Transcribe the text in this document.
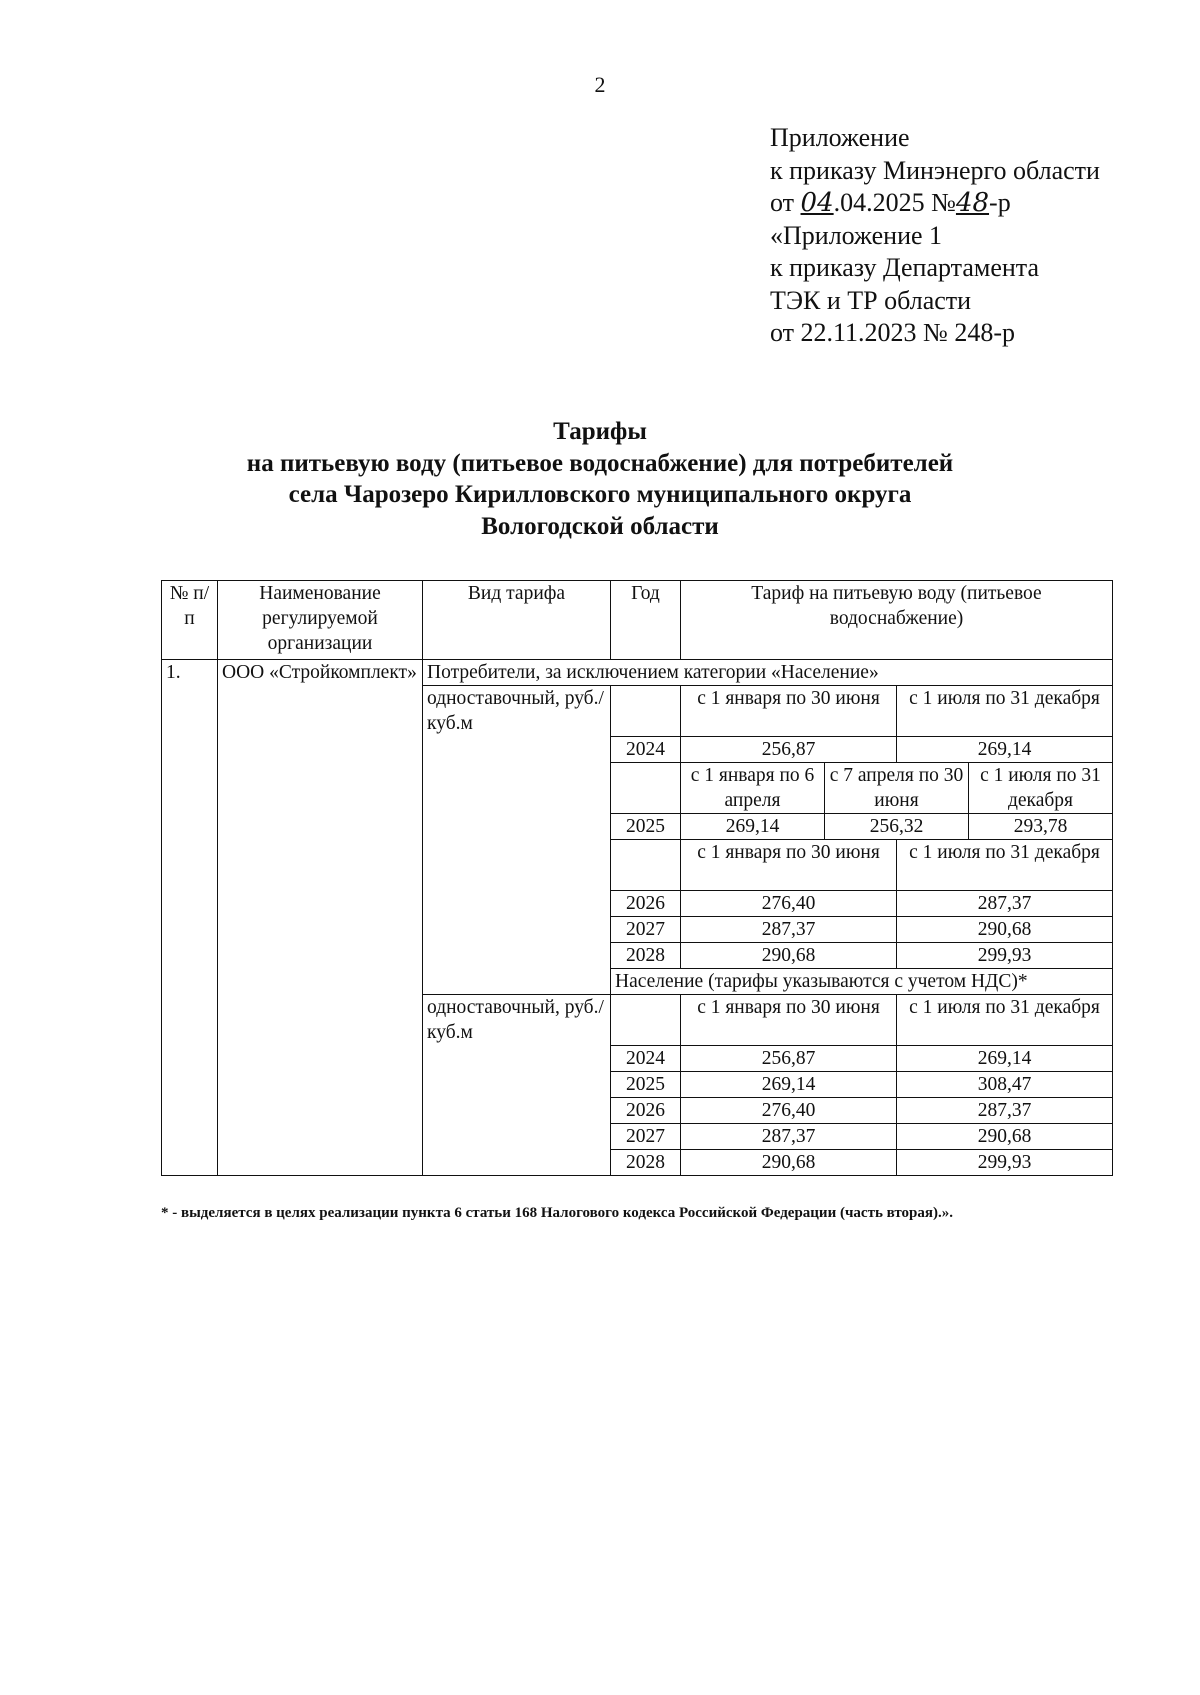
2
Приложение
к приказу Минэнерго области
от 04.04.2025 №48-р
«Приложение 1
к приказу Департамента
ТЭК и ТР области
от 22.11.2023 № 248-р
Тарифы
на питьевую воду (питьевое водоснабжение) для потребителей
села Чарозеро Кирилловского муниципального округа
Вологодской области
№ п/п	Наименование регулируемой организации	Вид тарифа	Год	Тариф на питьевую воду (питьевое водоснабжение)			
1.	ООО «Стройкомплект»	Потребители, за исключением категории «Население»					
		одноставочный, руб./куб.м		с 1 января по 30 июня		с 1 июля по 31 декабря	
			2024	256,87		269,14	
				с 1 января по 6 апреля	с 7 апреля по 30 июня		с 1 июля по 31 декабря
			2025	269,14	256,32		293,78
				с 1 января по 30 июня		с 1 июля по 31 декабря	
			2026	276,40		287,37	
			2027	287,37		290,68	
			2028	290,68		299,93	
			Население (тарифы указываются с учетом НДС)*				
		одноставочный, руб./куб.м		с 1 января по 30 июня		с 1 июля по 31 декабря	
			2024	256,87		269,14	
			2025	269,14		308,47	
			2026	276,40		287,37	
			2027	287,37		290,68	
			2028	290,68		299,93	
* - выделяется в целях реализации пункта 6 статьи 168 Налогового кодекса Российской Федерации (часть вторая).».
